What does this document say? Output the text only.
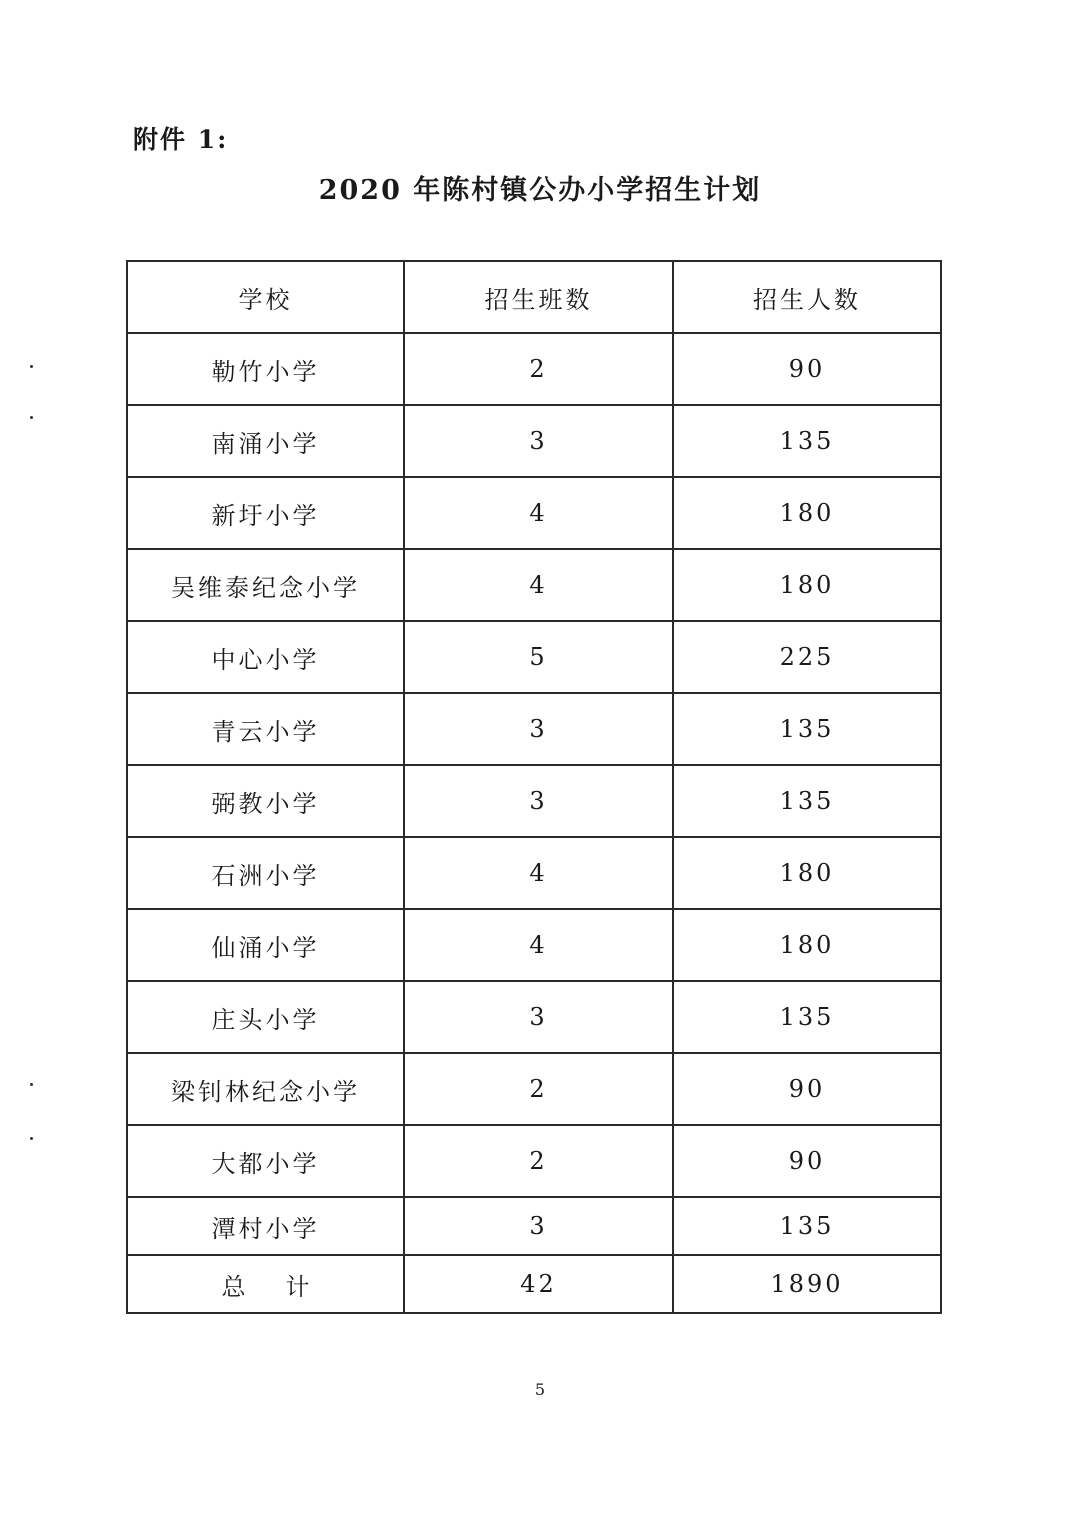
附件 1:
2020 年陈村镇公办小学招生计划
学校	招生班数	招生人数
勒竹小学	2	90
南涌小学	3	135
新圩小学	4	180
吴维泰纪念小学	4	180
中心小学	5	225
青云小学	3	135
弼教小学	3	135
石洲小学	4	180
仙涌小学	4	180
庄头小学	3	135
梁钊林纪念小学	2	90
大都小学	2	90
潭村小学	3	135
总计	42	1890
5
